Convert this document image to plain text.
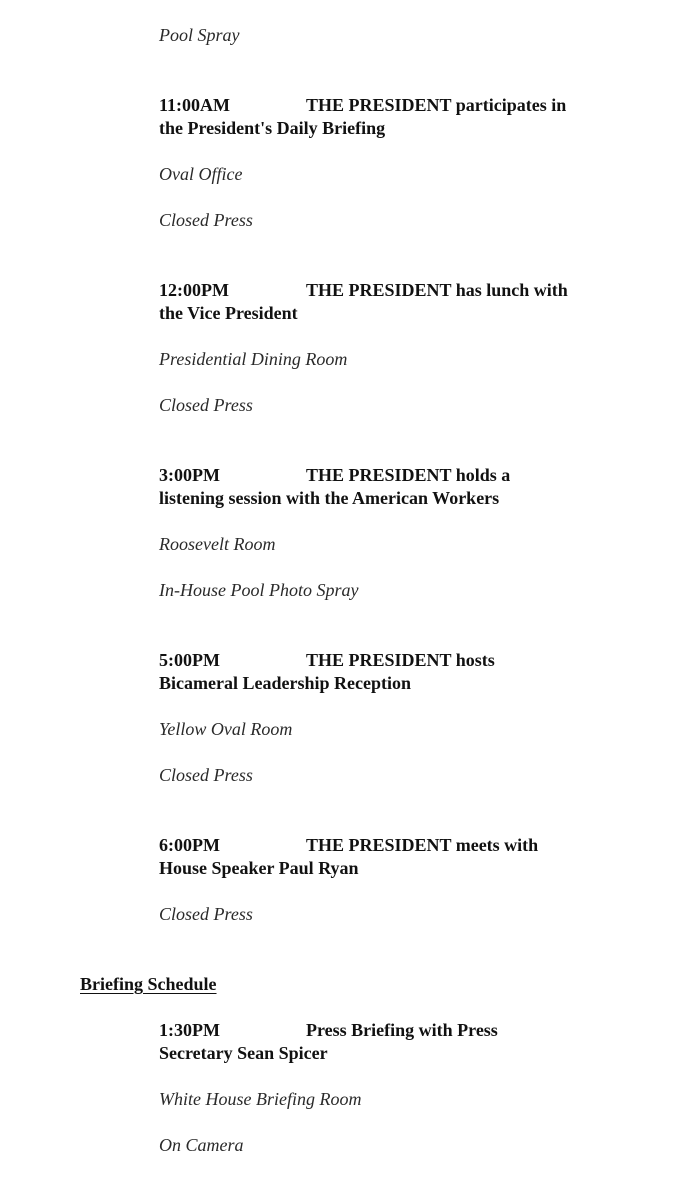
Pool Spray
11:00AM	THE PRESIDENT participates in
the President's Daily Briefing
Oval Office
Closed Press
12:00PM	THE PRESIDENT has lunch with
the Vice President
Presidential Dining Room
Closed Press
3:00PM	THE PRESIDENT holds a
listening session with the American Workers
Roosevelt Room
In-House Pool Photo Spray
5:00PM	THE PRESIDENT hosts
Bicameral Leadership Reception
Yellow Oval Room
Closed Press
6:00PM	THE PRESIDENT meets with
House Speaker Paul Ryan
Closed Press
Briefing Schedule
1:30PM	Press Briefing with Press
Secretary Sean Spicer
White House Briefing Room
On Camera
